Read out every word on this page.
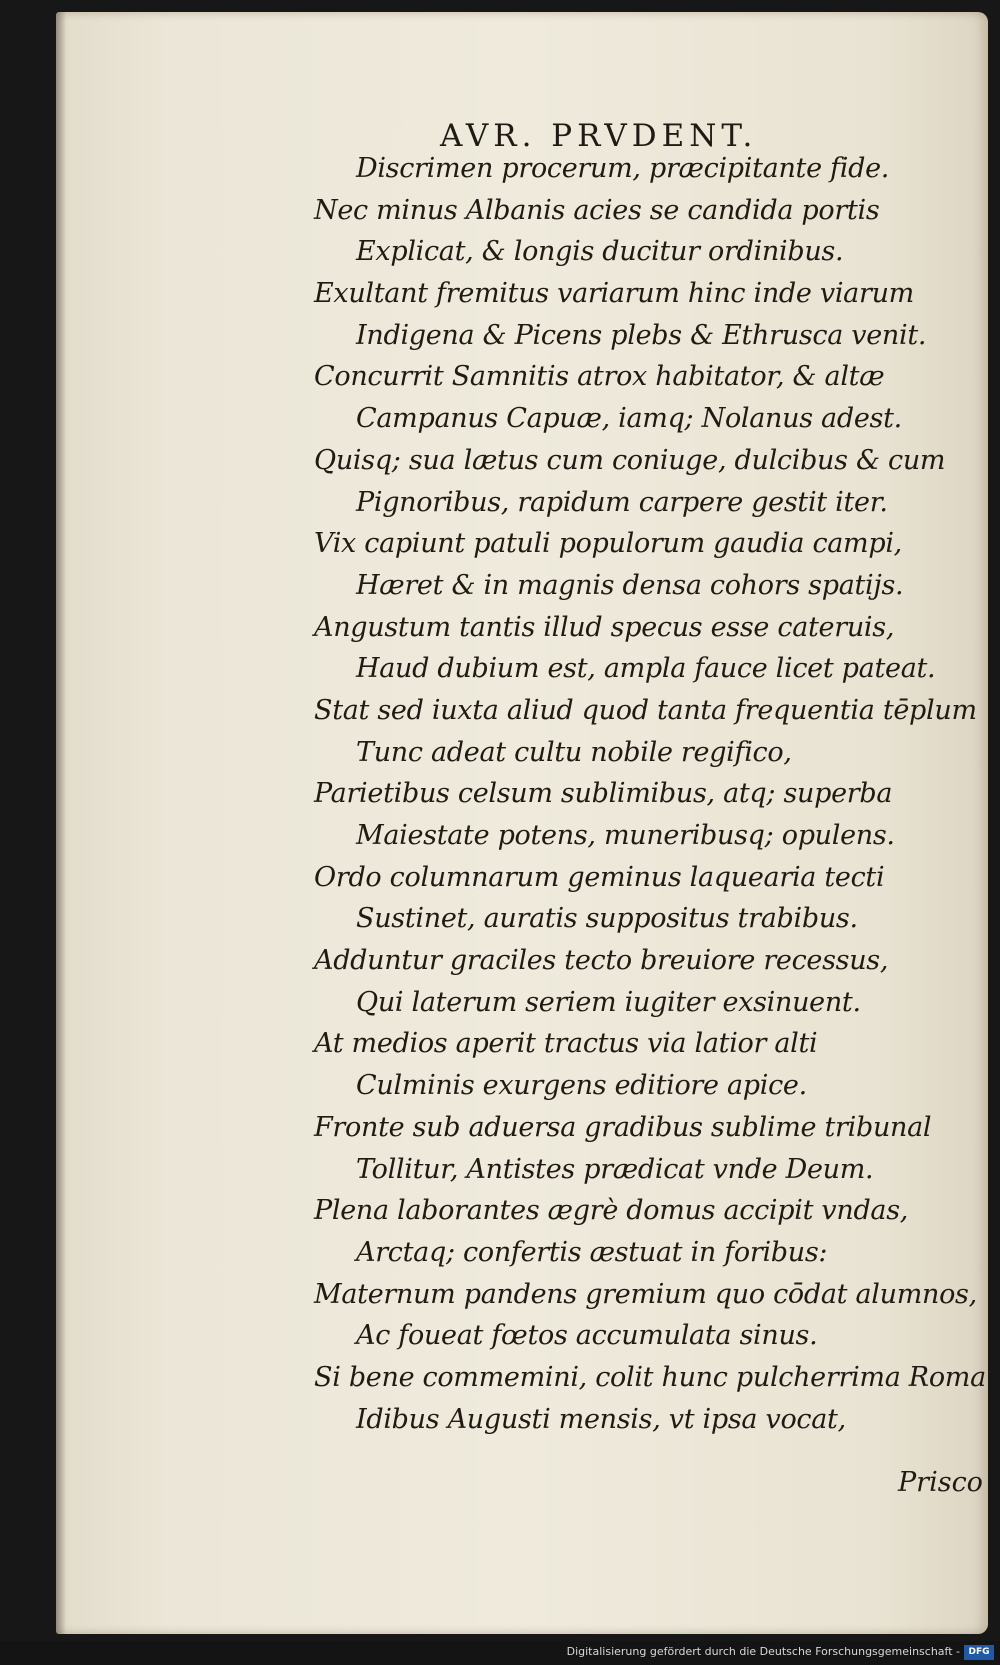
AVR. PRVDENT.
Discrimen procerum, præcipitante fide.
Nec minus Albanis acies se candida portis
Explicat, & longis ducitur ordinibus.
Exultant fremitus variarum hinc inde viarum
Indigena & Picens plebs & Ethrusca venit.
Concurrit Samnitis atrox habitator, & altæ
Campanus Capuæ, iamq; Nolanus adest.
Quisq; sua lætus cum coniuge, dulcibus & cum
Pignoribus, rapidum carpere gestit iter.
Vix capiunt patuli populorum gaudia campi,
Hæret & in magnis densa cohors spatijs.
Angustum tantis illud specus esse cateruis,
Haud dubium est, ampla fauce licet pateat.
Stat sed iuxta aliud quod tanta frequentia tēplum
Tunc adeat cultu nobile regifico,
Parietibus celsum sublimibus, atq; superba
Maiestate potens, muneribusq; opulens.
Ordo columnarum geminus laquearia tecti
Sustinet, auratis suppositus trabibus.
Adduntur graciles tecto breuiore recessus,
Qui laterum seriem iugiter exsinuent.
At medios aperit tractus via latior alti
Culminis exurgens editiore apice.
Fronte sub aduersa gradibus sublime tribunal
Tollitur, Antistes prædicat vnde Deum.
Plena laborantes ægrè domus accipit vndas,
Arctaq; confertis æstuat in foribus:
Maternum pandens gremium quo cōdat alumnos,
Ac foueat fœtos accumulata sinus.
Si bene commemini, colit hunc pulcherrima Roma
Idibus Augusti mensis, vt ipsa vocat,

Prisco

Digitalisierung gefördert durch die Deutsche Forschungsgemeinschaft - DFG
